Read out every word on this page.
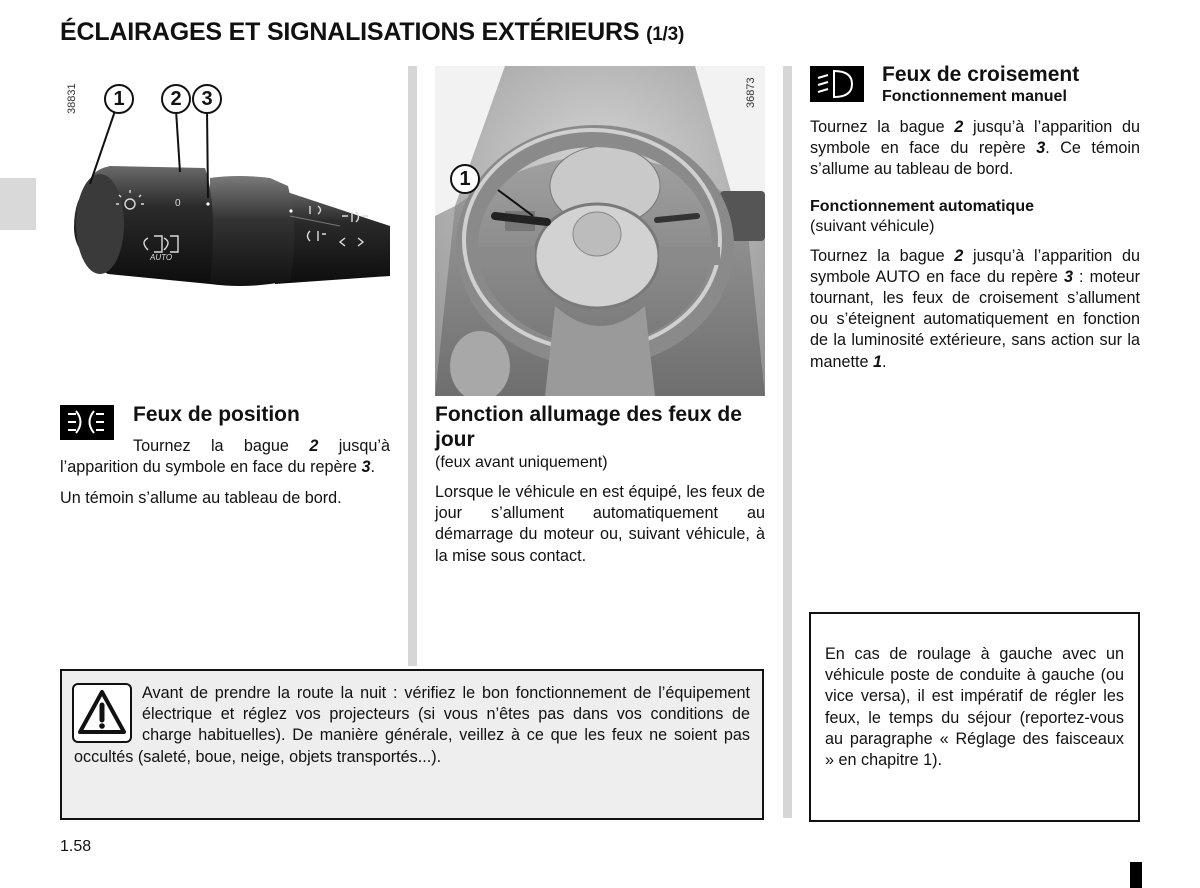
ÉCLAIRAGES ET SIGNALISATIONS EXTÉRIEURS (1/3)
38831
0
AUTO
1	2 3	36873
1
Feux de position

Tournez la bague 2 jusqu’à l’apparition du symbole en face du repère 3.

Un témoin s’allume au tableau de bord.

Fonction allumage des feux de jour
(feux avant uniquement)

Lorsque le véhicule en est équipé, les feux de jour s’allument automatiquement au démarrage du moteur ou, suivant véhicule, à la mise sous contact.

Feux de croisement
Fonctionnement manuel

Tournez la bague 2 jusqu’à l’apparition du symbole en face du repère 3. Ce témoin s’allume au tableau de bord.

Fonctionnement automatique
(suivant véhicule)

Tournez la bague 2 jusqu’à l’apparition du symbole AUTO en face du repère 3 : moteur tournant, les feux de croisement s’allument ou s’éteignent automatiquement en fonction de la luminosité extérieure, sans action sur la manette 1.

Avant de prendre la route la nuit : vérifiez le bon fonctionnement de l’équipement électrique et réglez vos projecteurs (si vous n’êtes pas dans vos conditions de charge habituelles). De manière générale, veillez à ce que les feux ne soient pas occultés (saleté, boue, neige, objets transportés...).

En cas de roulage à gauche avec un véhicule poste de conduite à gauche (ou vice versa), il est impératif de régler les feux, le temps du séjour (reportez-vous au paragraphe « Réglage des faisceaux » en chapitre 1).

1.58
